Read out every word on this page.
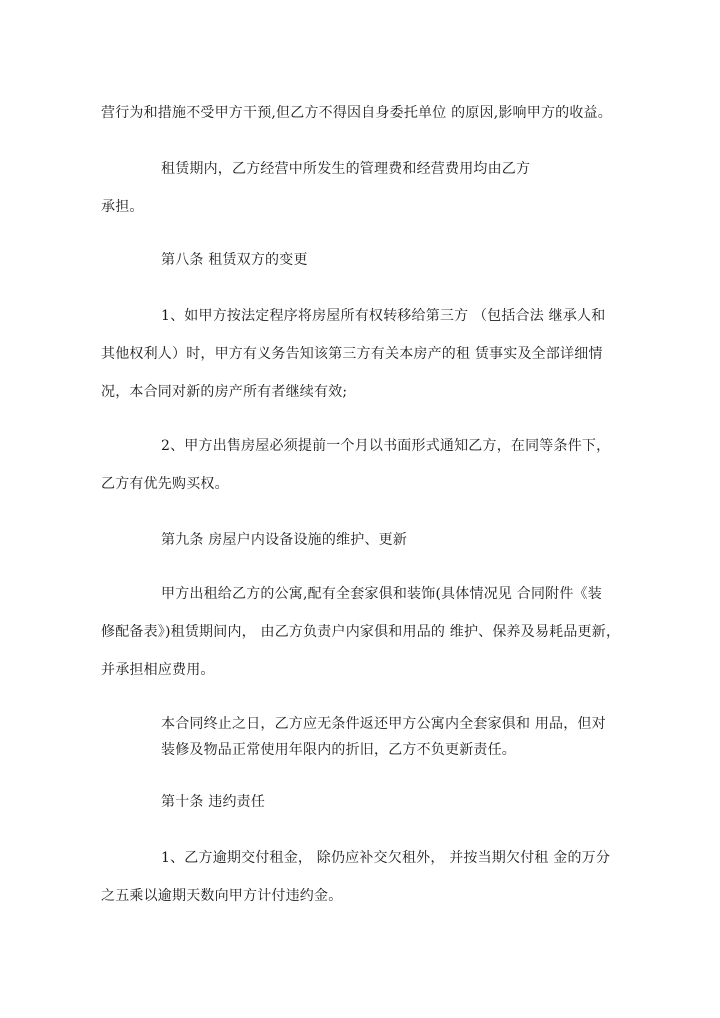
营行为和措施不受甲方干预,但乙方不得因自身委托单位 的原因,影响甲方的收益。
租赁期内，乙方经营中所发生的管理费和经营费用均由乙方
承担。
第八条 租赁双方的变更
1、如甲方按法定程序将房屋所有权转移给第三方 （包括合法 继承人和
其他权利人）时，甲方有义务告知该第三方有关本房产的租 赁事实及全部详细情
况，本合同对新的房产所有者继续有效;
2、甲方出售房屋必须提前一个月以书面形式通知乙方，在同等条件下，
乙方有优先购买权。
第九条 房屋户内设备设施的维护、更新
甲方出租给乙方的公寓,配有全套家俱和装饰(具体情况见 合同附件《装
修配备表》)租赁期间内， 由乙方负责户内家俱和用品的 维护、保养及易耗品更新，
并承担相应费用。
本合同终止之日，乙方应无条件返还甲方公寓内全套家俱和 用品，但对
装修及物品正常使用年限内的折旧，乙方不负更新责任。
第十条 违约责任
1、乙方逾期交付租金， 除仍应补交欠租外， 并按当期欠付租 金的万分
之五乘以逾期天数向甲方计付违约金。
